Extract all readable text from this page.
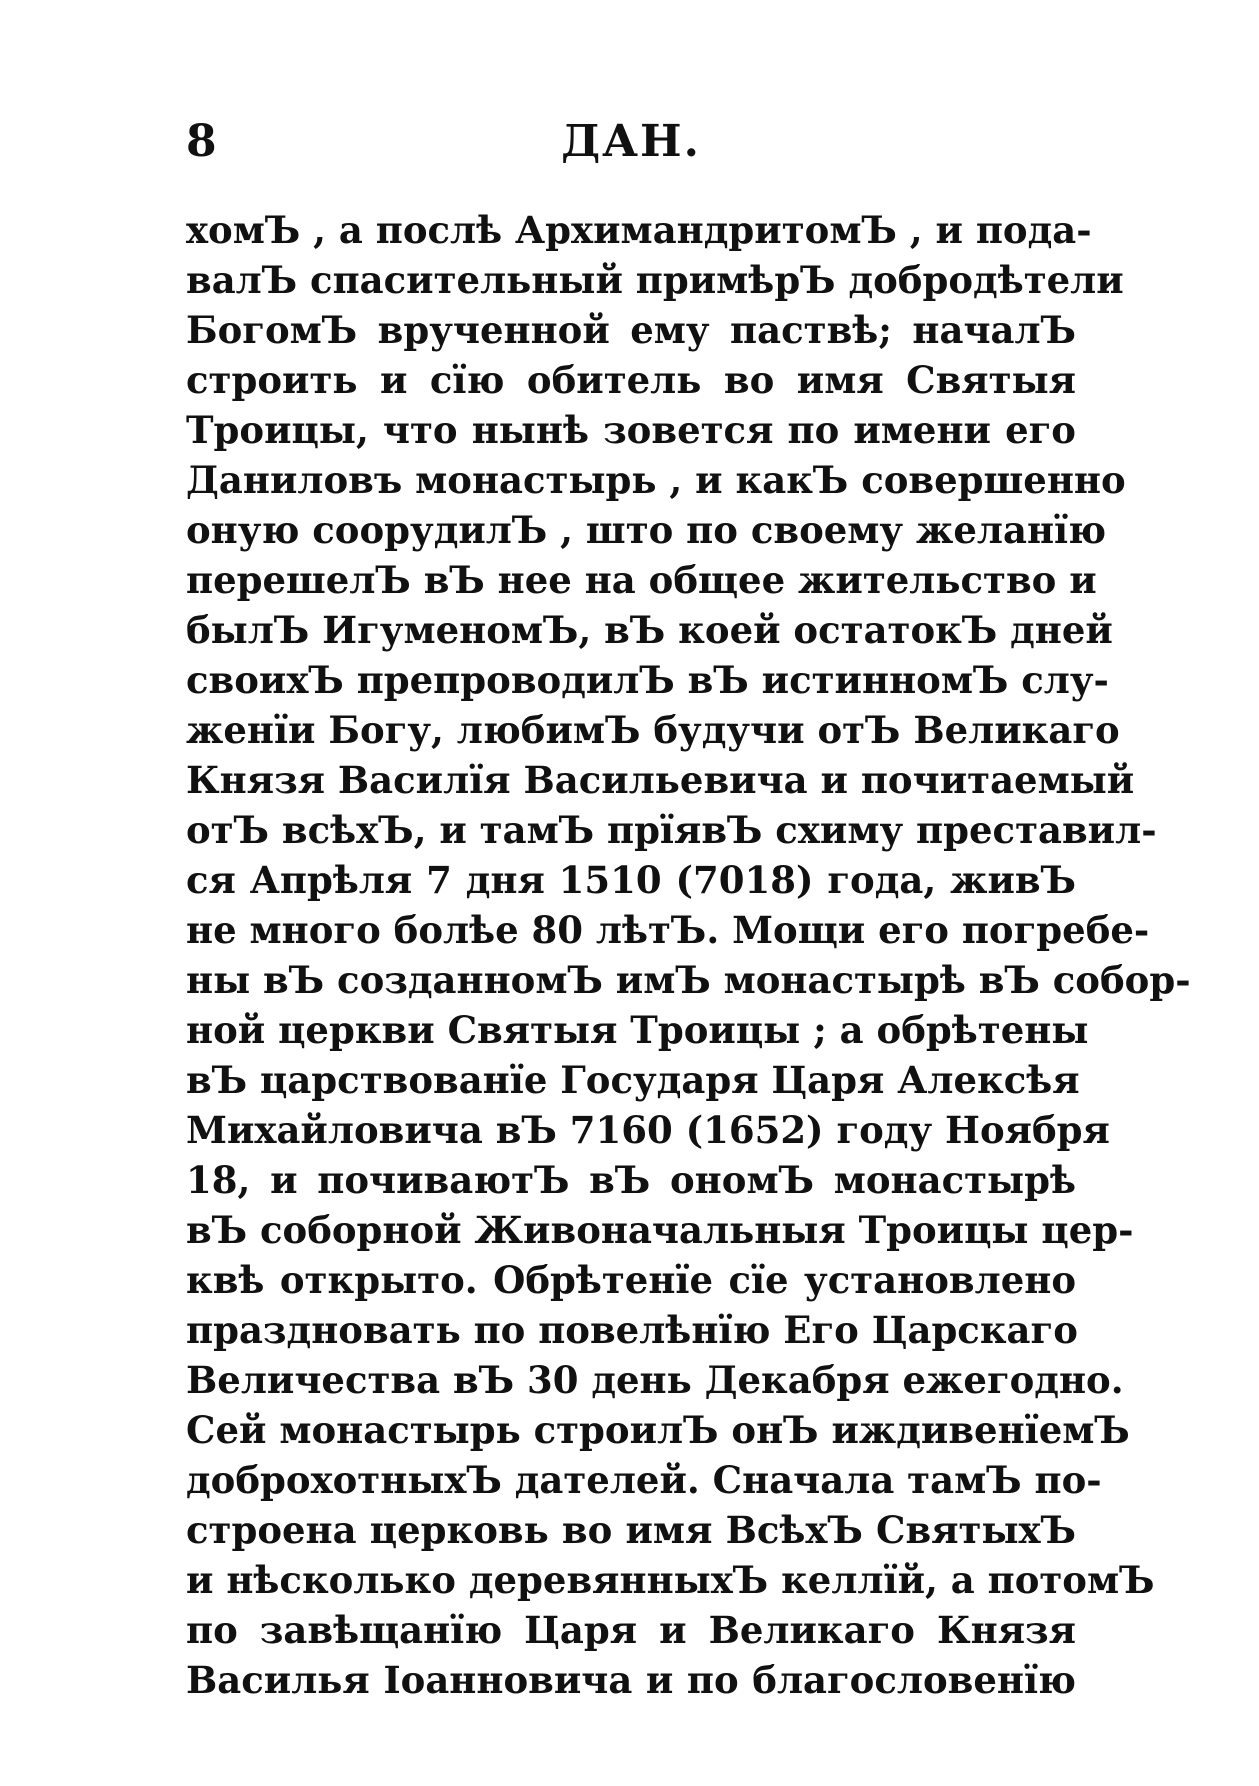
8	ДАН.
хомЪ , а послѣ АрхимандритомЪ , и пода-
валЪ спасительный примѣрЪ добродѣтели
БогомЪ врученной ему паствѣ; началЪ
строить и сїю обитель во имя Святыя
Троицы, что нынѣ зовется по имени его
Даниловъ монастырь , и какЪ совершенно
оную соорудилЪ , што по своему желанїю
перешелЪ вЪ нее на общее жительство и
былЪ ИгуменомЪ, вЪ коей остатокЪ дней
своихЪ препроводилЪ вЪ истинномЪ слу-
женїи Богу, любимЪ будучи отЪ Великаго
Князя Василїя Васильевича и почитаемый
отЪ всѣхЪ, и тамЪ прїявЪ схиму преставил-
ся Апрѣля 7 дня 1510 (7018) года, живЪ
не много болѣе 80 лѣтЪ. Мощи его погребе-
ны вЪ созданномЪ имЪ монастырѣ вЪ собор-
ной церкви Святыя Троицы ; а обрѣтены
вЪ царствованїе Государя Царя Алексѣя
Михайловича вЪ 7160 (1652) году Ноября
18, и почиваютЪ вЪ ономЪ монастырѣ
вЪ соборной Живоначальныя Троицы цер-
квѣ открыто. Обрѣтенїе сїе установлено
праздновать по повелѣнїю Его Царскаго
Величества вЪ 30 день Декабря ежегодно.
Сей монастырь строилЪ онЪ иждивенїемЪ
доброхотныхЪ дателей. Сначала тамЪ по-
строена церковь во имя ВсѣхЪ СвятыхЪ
и нѣсколько деревянныхЪ келлїй, а потомЪ
по завѣщанїю Царя и Великаго Князя
Василья Іоанновича и по благословенїю
